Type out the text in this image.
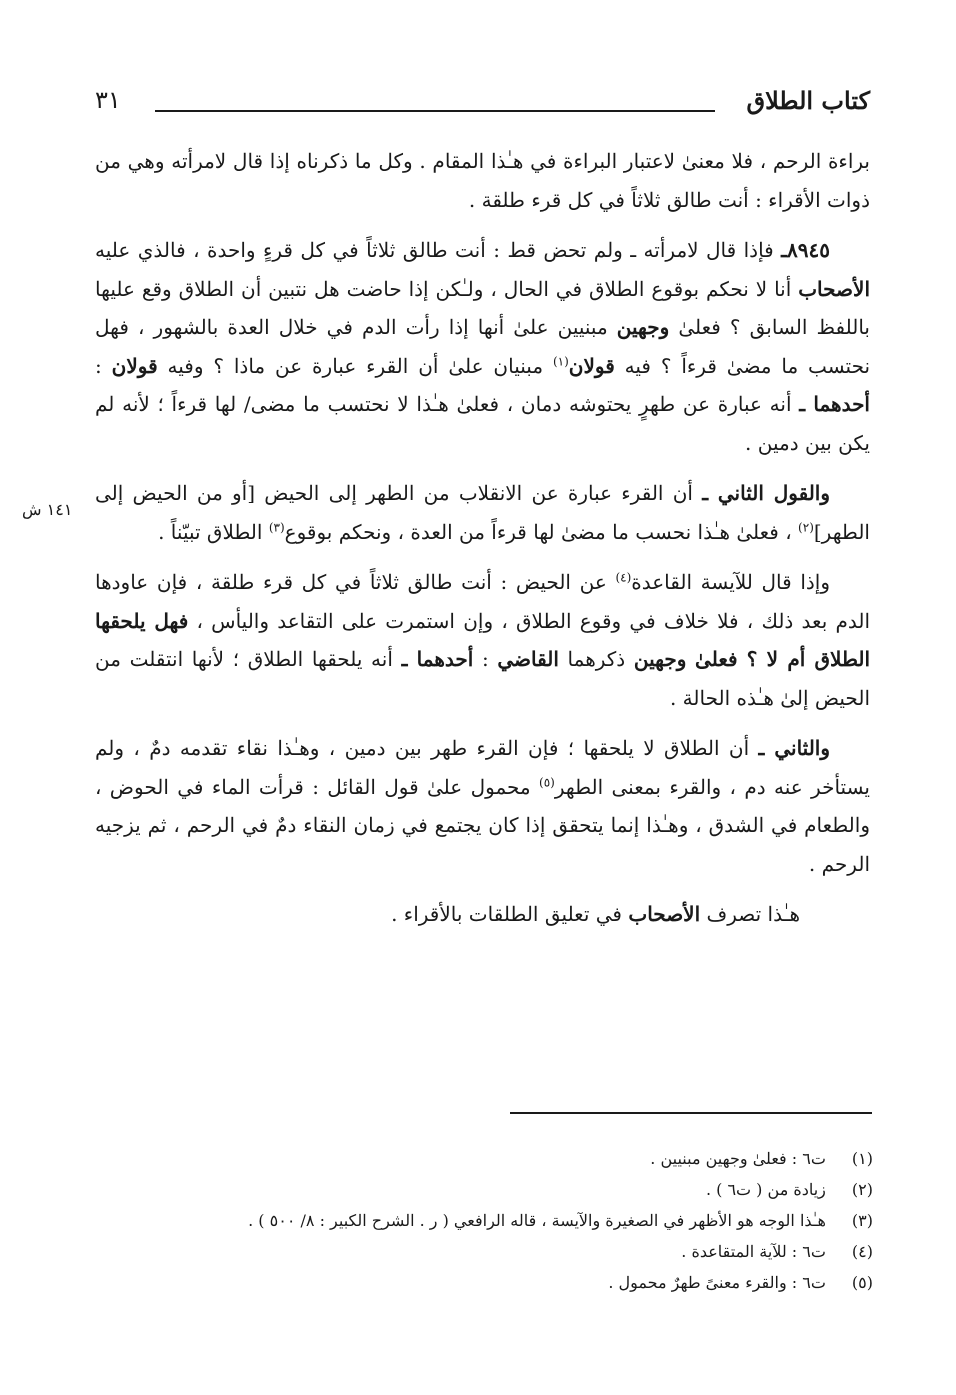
كتاب الطلاق
٣١
١٤١ ش

براءة الرحم ، فلا معنىٰ لاعتبار البراءة في هـٰذا المقام . وكل ما ذكرناه إذا قال لامرأته وهي من ذوات الأقراء : أنت طالق ثلاثاً في كل قرء طلقة .

٨٩٤٥ـ فإذا قال لامرأته ـ ولم تحض قط : أنت طالق ثلاثاً في كل قرءٍ واحدة ، فالذي عليه الأصحاب أنا لا نحكم بوقوع الطلاق في الحال ، ولـٰكن إذا حاضت هل نتبين أن الطلاق وقع عليها باللفظ السابق ؟ فعلىٰ وجهين مبنيين علىٰ أنها إذا رأت الدم في خلال العدة بالشهور ، فهل نحتسب ما مضىٰ قرءاً ؟ فيه قولان$^{(١)}$ مبنيان علىٰ أن القرء عبارة عن ماذا ؟ وفيه قولان : أحدهما ـ أنه عبارة عن طهرٍ يحتوشه دمان ، فعلىٰ هـٰذا لا نحتسب ما مضى/ لها قرءاً ؛ لأنه لم يكن بين دمين .

والقول الثاني ـ أن القرء عبارة عن الانقلاب من الطهر إلى الحيض [أو من الحيض إلى الطهر]$^{(٢)}$ ، فعلىٰ هـٰذا نحسب ما مضىٰ لها قرءاً من العدة ، ونحكم بوقوع$^{(٣)}$ الطلاق تبيّناً .

وإذا قال للآيسة القاعدة$^{(٤)}$ عن الحيض : أنت طالق ثلاثاً في كل قرء طلقة ، فإن عاودها الدم بعد ذلك ، فلا خلاف في وقوع الطلاق ، وإن استمرت على التقاعد واليأس ، فهل يلحقها الطلاق أم لا ؟ فعلىٰ وجهين ذكرهما القاضي : أحدهما ـ أنه يلحقها الطلاق ؛ لأنها انتقلت من الحيض إلىٰ هـٰذه الحالة .

والثاني ـ أن الطلاق لا يلحقها ؛ فإن القرء طهر بين دمين ، وهـٰذا نقاء تقدمه دمٌ ، ولم يستأخر عنه دم ، والقرء بمعنى الطهر$^{(٥)}$ محمول علىٰ قول القائل : قرأت الماء في الحوض ، والطعام في الشدق ، وهـٰذا إنما يتحقق إذا كان يجتمع في زمان النقاء دمٌ في الرحم ، ثم يزجيه الرحم .

هـٰذا تصرف الأصحاب في تعليق الطلقات بالأقراء .

(١) ت٦ : فعلىٰ وجهين مبنيين .
(٢) زيادة من ( ت٦ ) .
(٣) هـٰذا الوجه هو الأظهر في الصغيرة والآيسة ، قاله الرافعي ( ر . الشرح الكبير : ٨/ ٥٠٠ ) .
(٤) ت٦ : للآية المتقاعدة .
(٥) ت٦ : والقرء معنىً طهرٌ محمول .
